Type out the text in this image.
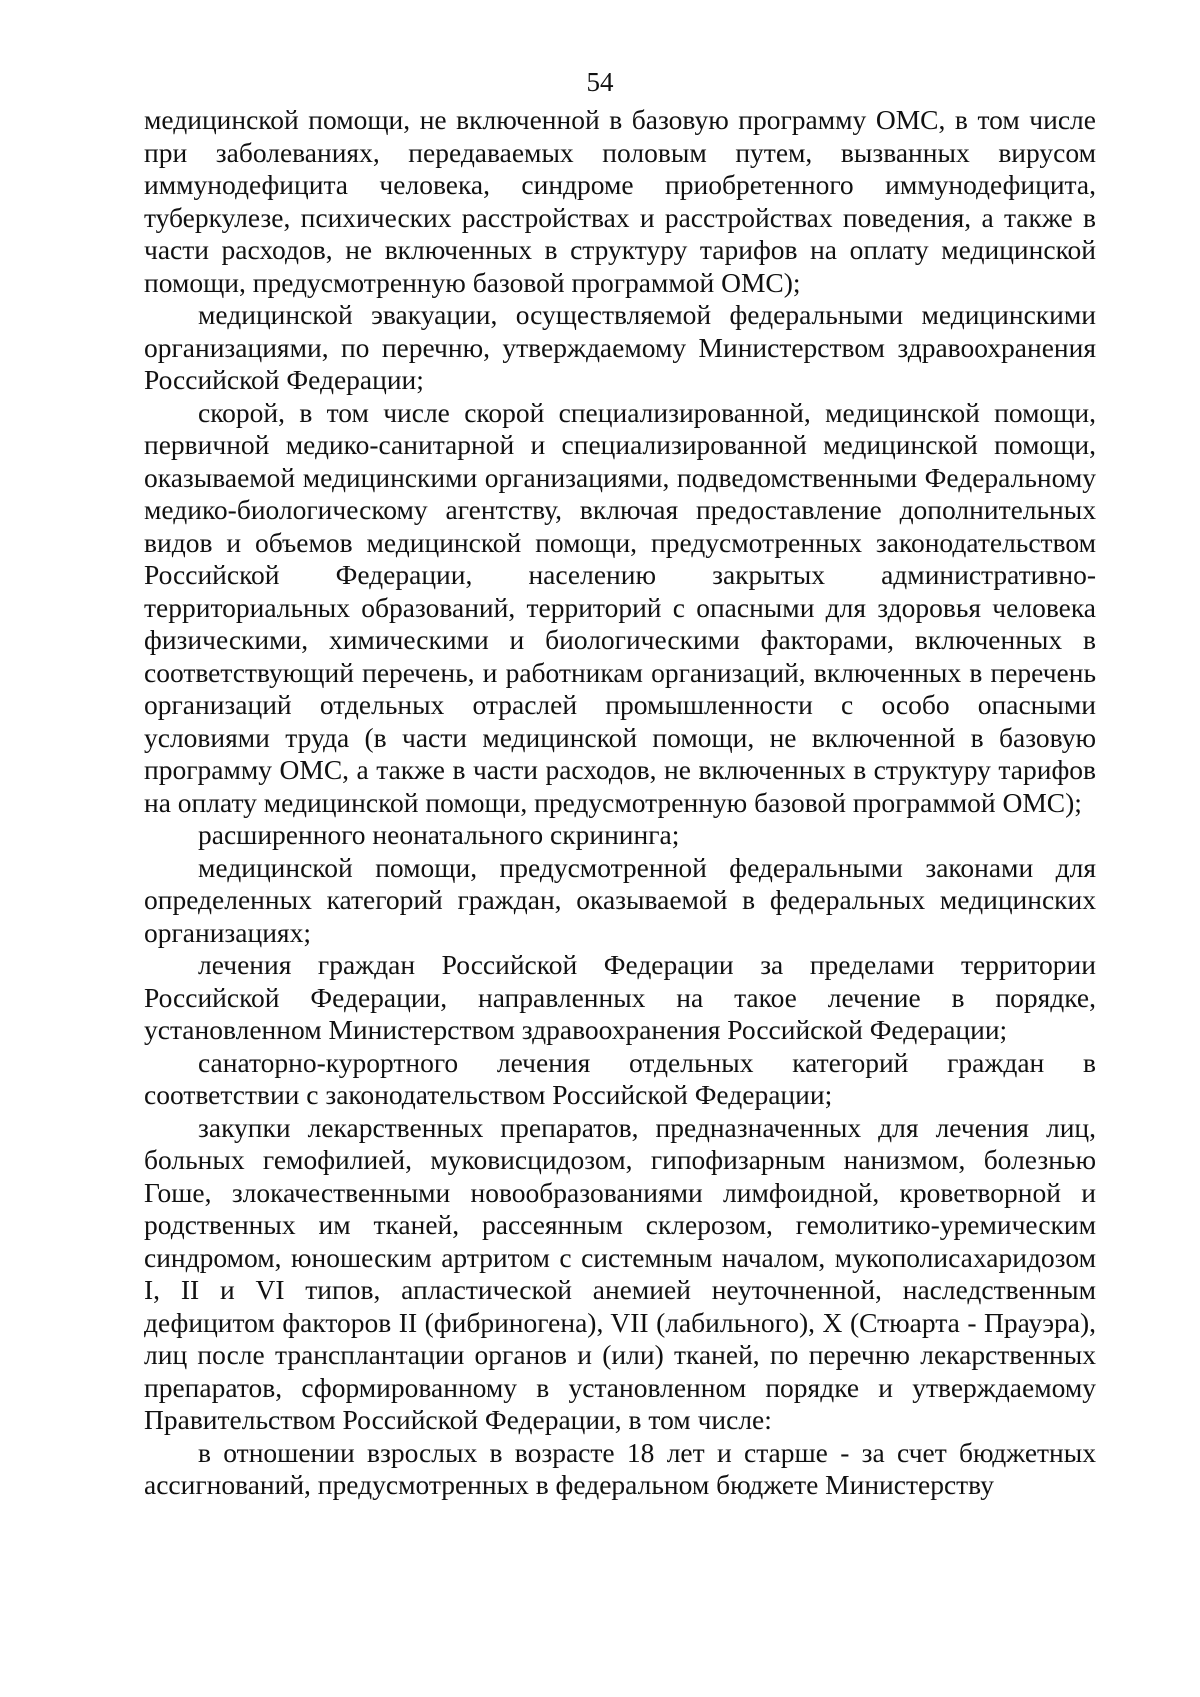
54

медицинской помощи, не включенной в базовую программу ОМС, в том числе при заболеваниях, передаваемых половым путем, вызванных вирусом иммунодефицита человека, синдроме приобретенного иммунодефицита, туберкулезе, психических расстройствах и расстройствах поведения, а также в части расходов, не включенных в структуру тарифов на оплату медицинской помощи, предусмотренную базовой программой ОМС);

медицинской эвакуации, осуществляемой федеральными медицинскими организациями, по перечню, утверждаемому Министерством здравоохранения Российской Федерации;

скорой, в том числе скорой специализированной, медицинской помощи, первичной медико-санитарной и специализированной медицинской помощи, оказываемой медицинскими организациями, подведомственными Федеральному медико-биологическому агентству, включая предоставление дополнительных видов и объемов медицинской помощи, предусмотренных законодательством Российской Федерации, населению закрытых административно-территориальных образований, территорий с опасными для здоровья человека физическими, химическими и биологическими факторами, включенных в соответствующий перечень, и работникам организаций, включенных в перечень организаций отдельных отраслей промышленности с особо опасными условиями труда (в части медицинской помощи, не включенной в базовую программу ОМС, а также в части расходов, не включенных в структуру тарифов на оплату медицинской помощи, предусмотренную базовой программой ОМС);

расширенного неонатального скрининга;

медицинской помощи, предусмотренной федеральными законами для определенных категорий граждан, оказываемой в федеральных медицинских организациях;

лечения граждан Российской Федерации за пределами территории Российской Федерации, направленных на такое лечение в порядке, установленном Министерством здравоохранения Российской Федерации;

санаторно-курортного лечения отдельных категорий граждан в соответствии с законодательством Российской Федерации;

закупки лекарственных препаратов, предназначенных для лечения лиц, больных гемофилией, муковисцидозом, гипофизарным нанизмом, болезнью Гоше, злокачественными новообразованиями лимфоидной, кроветворной и родственных им тканей, рассеянным склерозом, гемолитико-уремическим синдромом, юношеским артритом с системным началом, мукополисахаридозом I, II и VI типов, апластической анемией неуточненной, наследственным дефицитом факторов II (фибриногена), VII (лабильного), X (Стюарта - Прауэра), лиц после трансплантации органов и (или) тканей, по перечню лекарственных препаратов, сформированному в установленном порядке и утверждаемому Правительством Российской Федерации, в том числе:

в отношении взрослых в возрасте 18 лет и старше - за счет бюджетных ассигнований, предусмотренных в федеральном бюджете Министерству
